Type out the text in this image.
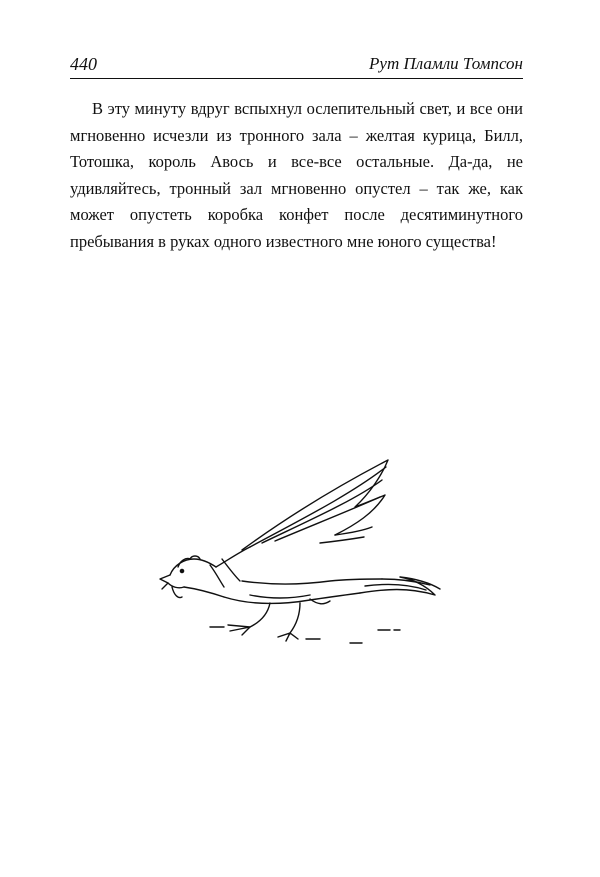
440	Рут Пламли Томпсон

В эту минуту вдруг вспыхнул ослепительный свет, и все они мгновенно исчезли из тронного зала – желтая курица, Билл, Тотошка, король Авось и все-все остальные. Да-да, не удивляйтесь, тронный зал мгновенно опустел – так же, как может опустеть коробка конфет после десятиминутного пребывания в руках одного известного мне юного существа!
